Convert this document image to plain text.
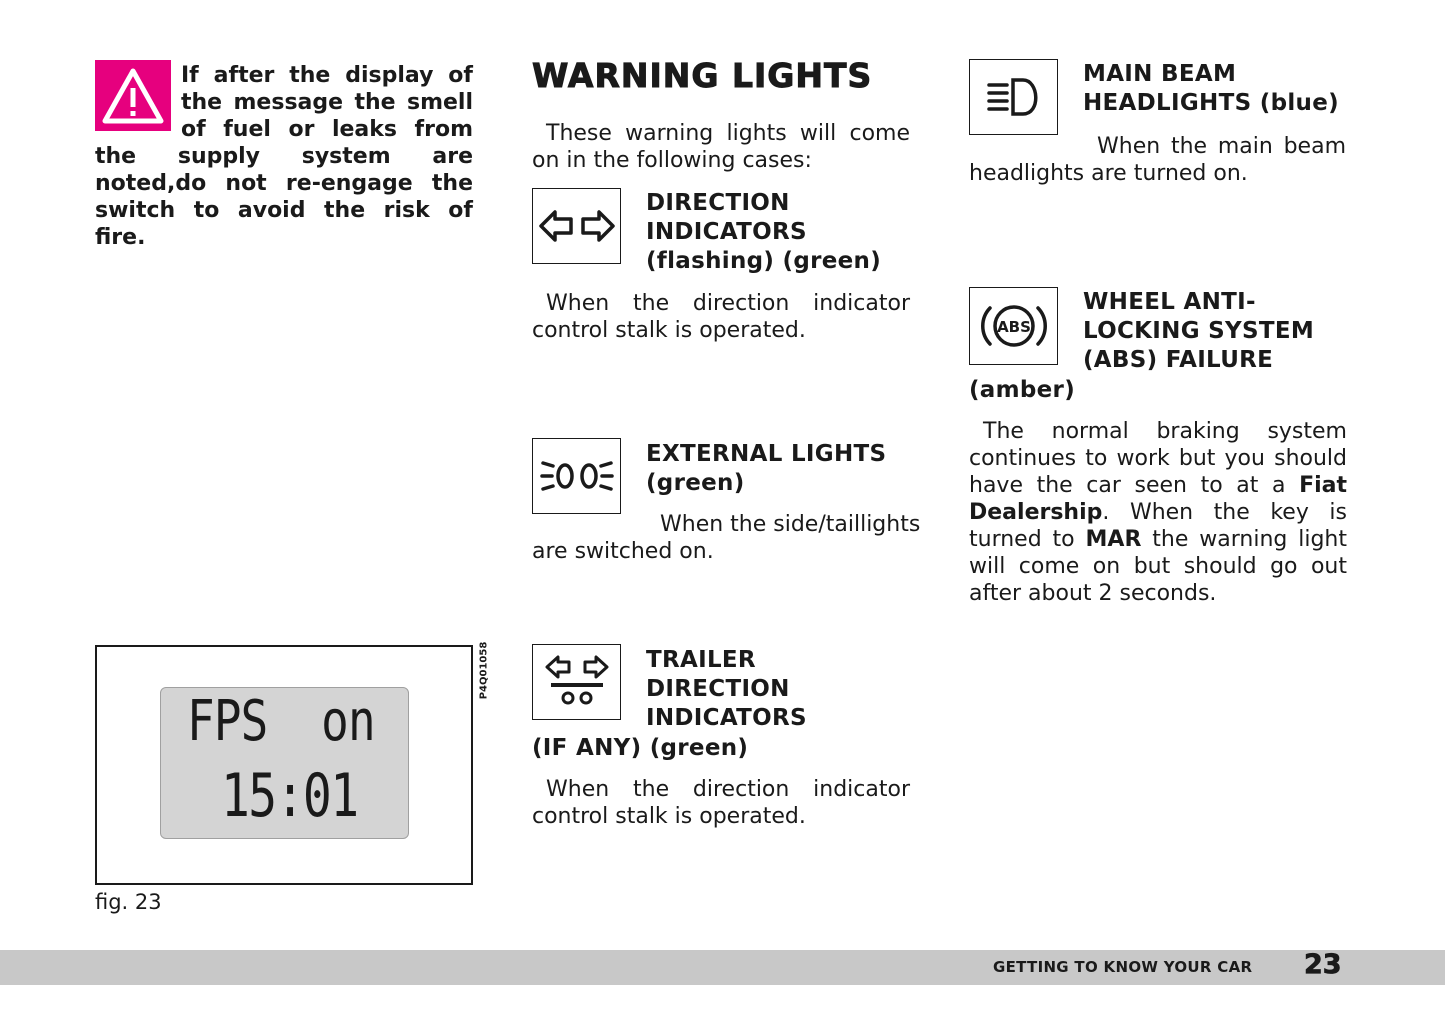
If after the display of the message the smell of fuel or leaks from the supply system are noted,do not re-engage the switch to avoid the risk of fire.
FPS  on
15:01
P4Q01058
fig. 23
WARNING LIGHTS
These warning lights will come on in the following cases:
DIRECTION
INDICATORS
(flashing) (green)
When the direction indicator control stalk is operated.
EXTERNAL LIGHTS
(green)
When the side/taillights
are switched on.
TRAILER
DIRECTION
INDICATORS
(IF ANY) (green)
When the direction indicator control stalk is operated.
MAIN BEAM
HEADLIGHTS (blue)
When the main beam
headlights are turned on.
ABS
WHEEL ANTI-
LOCKING SYSTEM
(ABS) FAILURE
(amber)
The normal braking system continues to work but you should have the car seen to at a Fiat Dealership. When the key is turned to MAR the warning light will come on but should go out after about 2 seconds.
GETTING TO KNOW YOUR CAR 23
